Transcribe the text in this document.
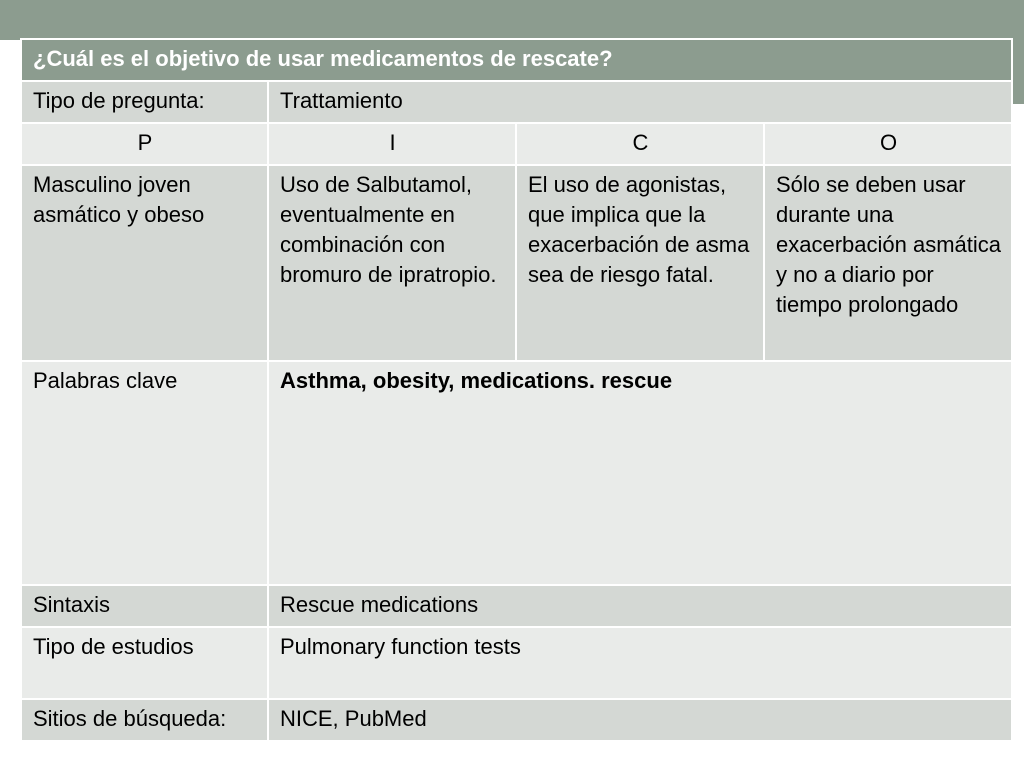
¿Cuál es el objetivo de usar medicamentos de rescate?			
Tipo de pregunta:	Trattamiento		
P	I	C	O
Masculino joven asmático y obeso	Uso de Salbutamol, eventualmente en combinación con bromuro de ipratropio.	El uso de agonistas, que implica que la exacerbación de asma sea de riesgo fatal.	Sólo se deben usar durante una exacerbación asmática y no a diario por tiempo prolongado
Palabras clave	Asthma, obesity, medications. rescue		
Sintaxis	Rescue medications		
Tipo de estudios	Pulmonary function tests		
Sitios de búsqueda:	NICE, PubMed		
